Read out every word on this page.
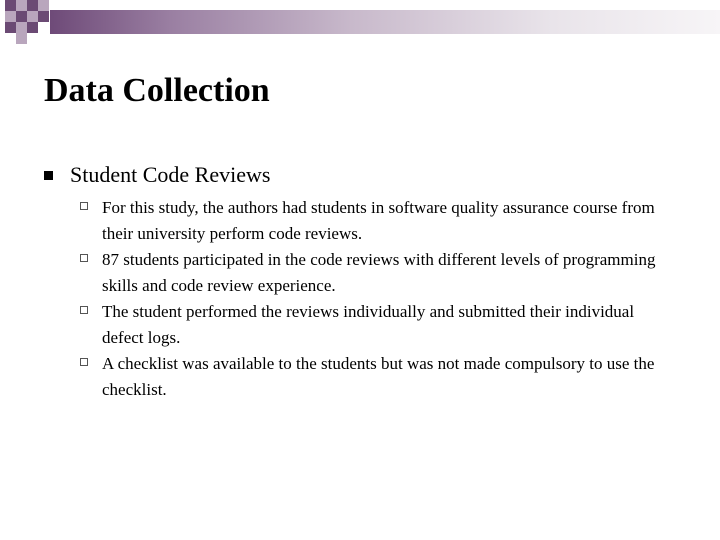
Data Collection
Student Code Reviews
For this study, the authors had students in software quality assurance course from their university perform code reviews.
87 students participated in the code reviews with different levels of programming skills and code review experience.
The student performed the reviews individually and submitted their individual defect logs.
A checklist was available to the students but was not made compulsory to use the checklist.
